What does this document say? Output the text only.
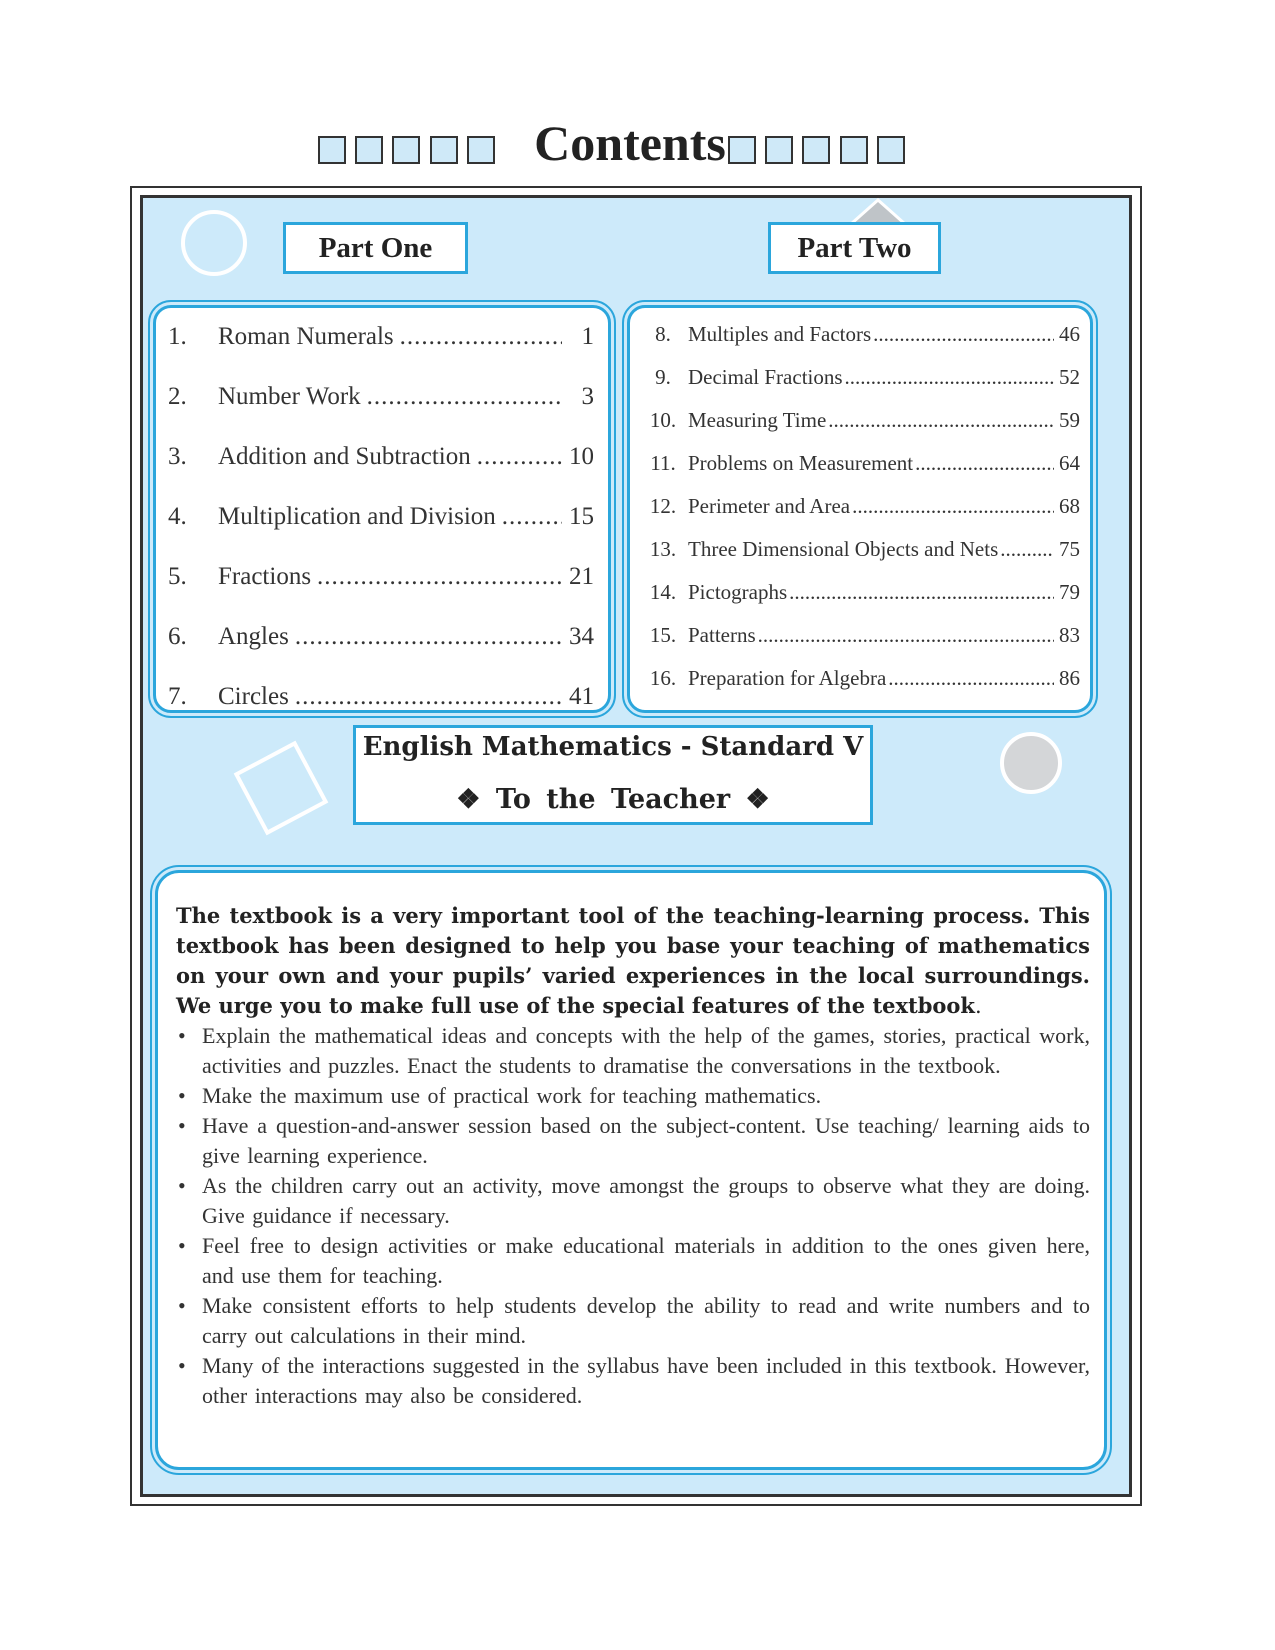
Contents
Part One	Part Two
1.	Roman Numerals .....	1
2.	Number Work .....	3
3.	Addition and Subtraction .....	10
4.	Multiplication and Division .....	15
5.	Fractions .....	21
6.	Angles .....	34
7.	Circles .....	41
8. Multiples and Factors .....	46
9. Decimal Fractions .....	52
10. Measuring Time .....	59
11. Problems on Measurement .....	64
12. Perimeter and Area .....	68
13. Three Dimensional Objects and Nets .....	75
14. Pictographs .....	79
15. Patterns .....	83
16. Preparation for Algebra .....	86
English Mathematics - Standard V
❖ To the Teacher ❖

The textbook is a very important tool of the teaching-learning process. This textbook has been designed to help you base your teaching of mathematics on your own and your pupils’ varied experiences in the local surroundings. We urge you to make full use of the special features of the textbook.

• Explain the mathematical ideas and concepts with the help of the games, stories, practical work, activities and puzzles. Enact the students to dramatise the conversations in the textbook.
• Make the maximum use of practical work for teaching mathematics.
• Have a question-and-answer session based on the subject-content. Use teaching/ learning aids to give learning experience.
• As the children carry out an activity, move amongst the groups to observe what they are doing. Give guidance if necessary.
• Feel free to design activities or make educational materials in addition to the ones given here, and use them for teaching.
• Make consistent efforts to help students develop the ability to read and write numbers and to carry out calculations in their mind.
• Many of the interactions suggested in the syllabus have been included in this textbook. However, other interactions may also be considered.
